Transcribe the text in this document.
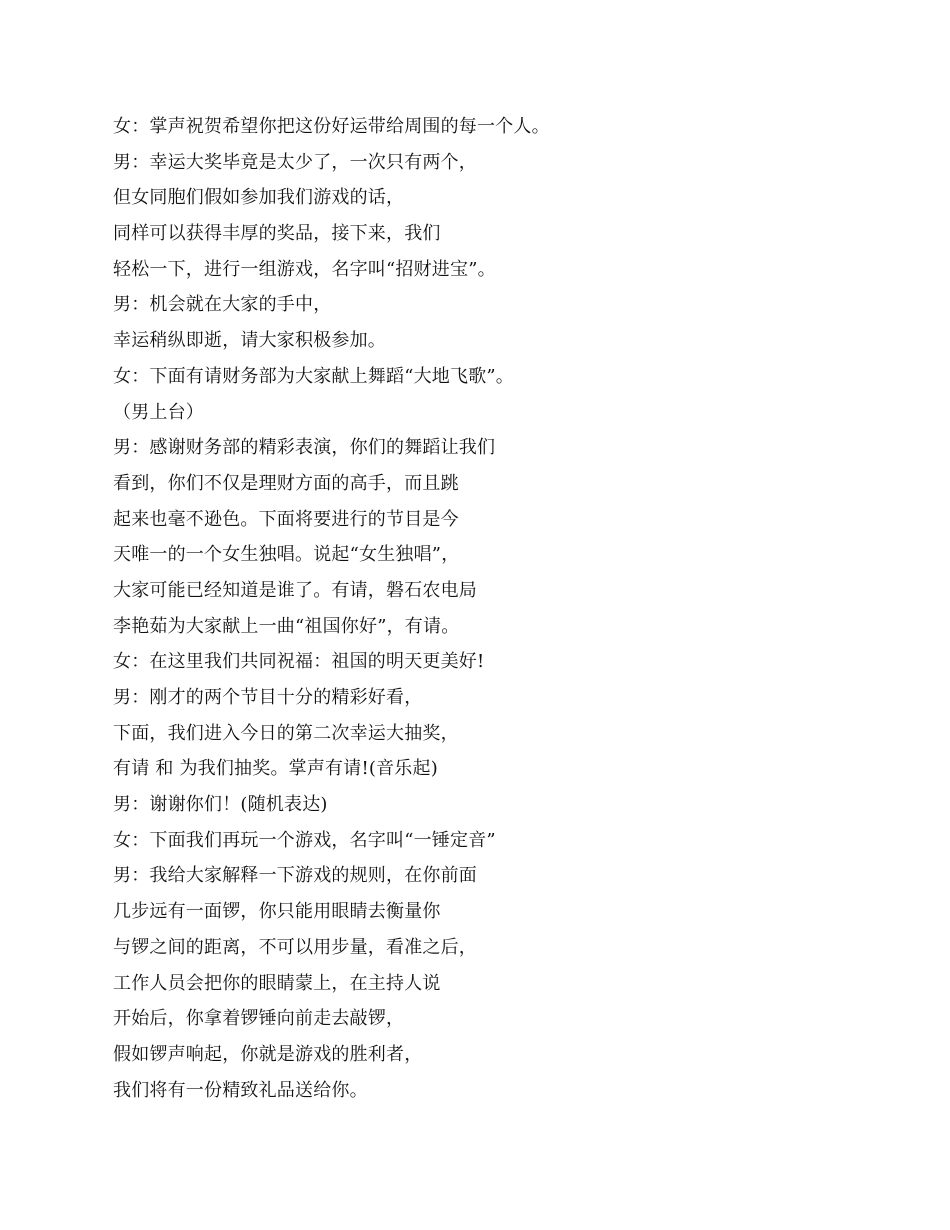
女：掌声祝贺希望你把这份好运带给周围的每一个人。
男：幸运大奖毕竟是太少了，一次只有两个，
但女同胞们假如参加我们游戏的话，
同样可以获得丰厚的奖品，接下来，我们
轻松一下，进行一组游戏，名字叫“招财进宝”。
男：机会就在大家的手中，
幸运稍纵即逝，请大家积极参加。
女：下面有请财务部为大家献上舞蹈“大地飞歌”。
（男上台）
男：感谢财务部的精彩表演，你们的舞蹈让我们
看到，你们不仅是理财方面的高手，而且跳
起来也毫不逊色。下面将要进行的节目是今
天唯一的一个女生独唱。说起“女生独唱”，
大家可能已经知道是谁了。有请，磐石农电局
李艳茹为大家献上一曲“祖国你好”，有请。
女：在这里我们共同祝福：祖国的明天更美好!
男：刚才的两个节目十分的精彩好看，
下面，我们进入今日的第二次幸运大抽奖，
有请 和 为我们抽奖。掌声有请!(音乐起)
男：谢谢你们！(随机表达)
女：下面我们再玩一个游戏，名字叫“一锤定音”
男：我给大家解释一下游戏的规则，在你前面
几步远有一面锣，你只能用眼睛去衡量你
与锣之间的距离，不可以用步量，看准之后，
工作人员会把你的眼睛蒙上，在主持人说
开始后，你拿着锣锤向前走去敲锣，
假如锣声响起，你就是游戏的胜利者，
我们将有一份精致礼品送给你。
